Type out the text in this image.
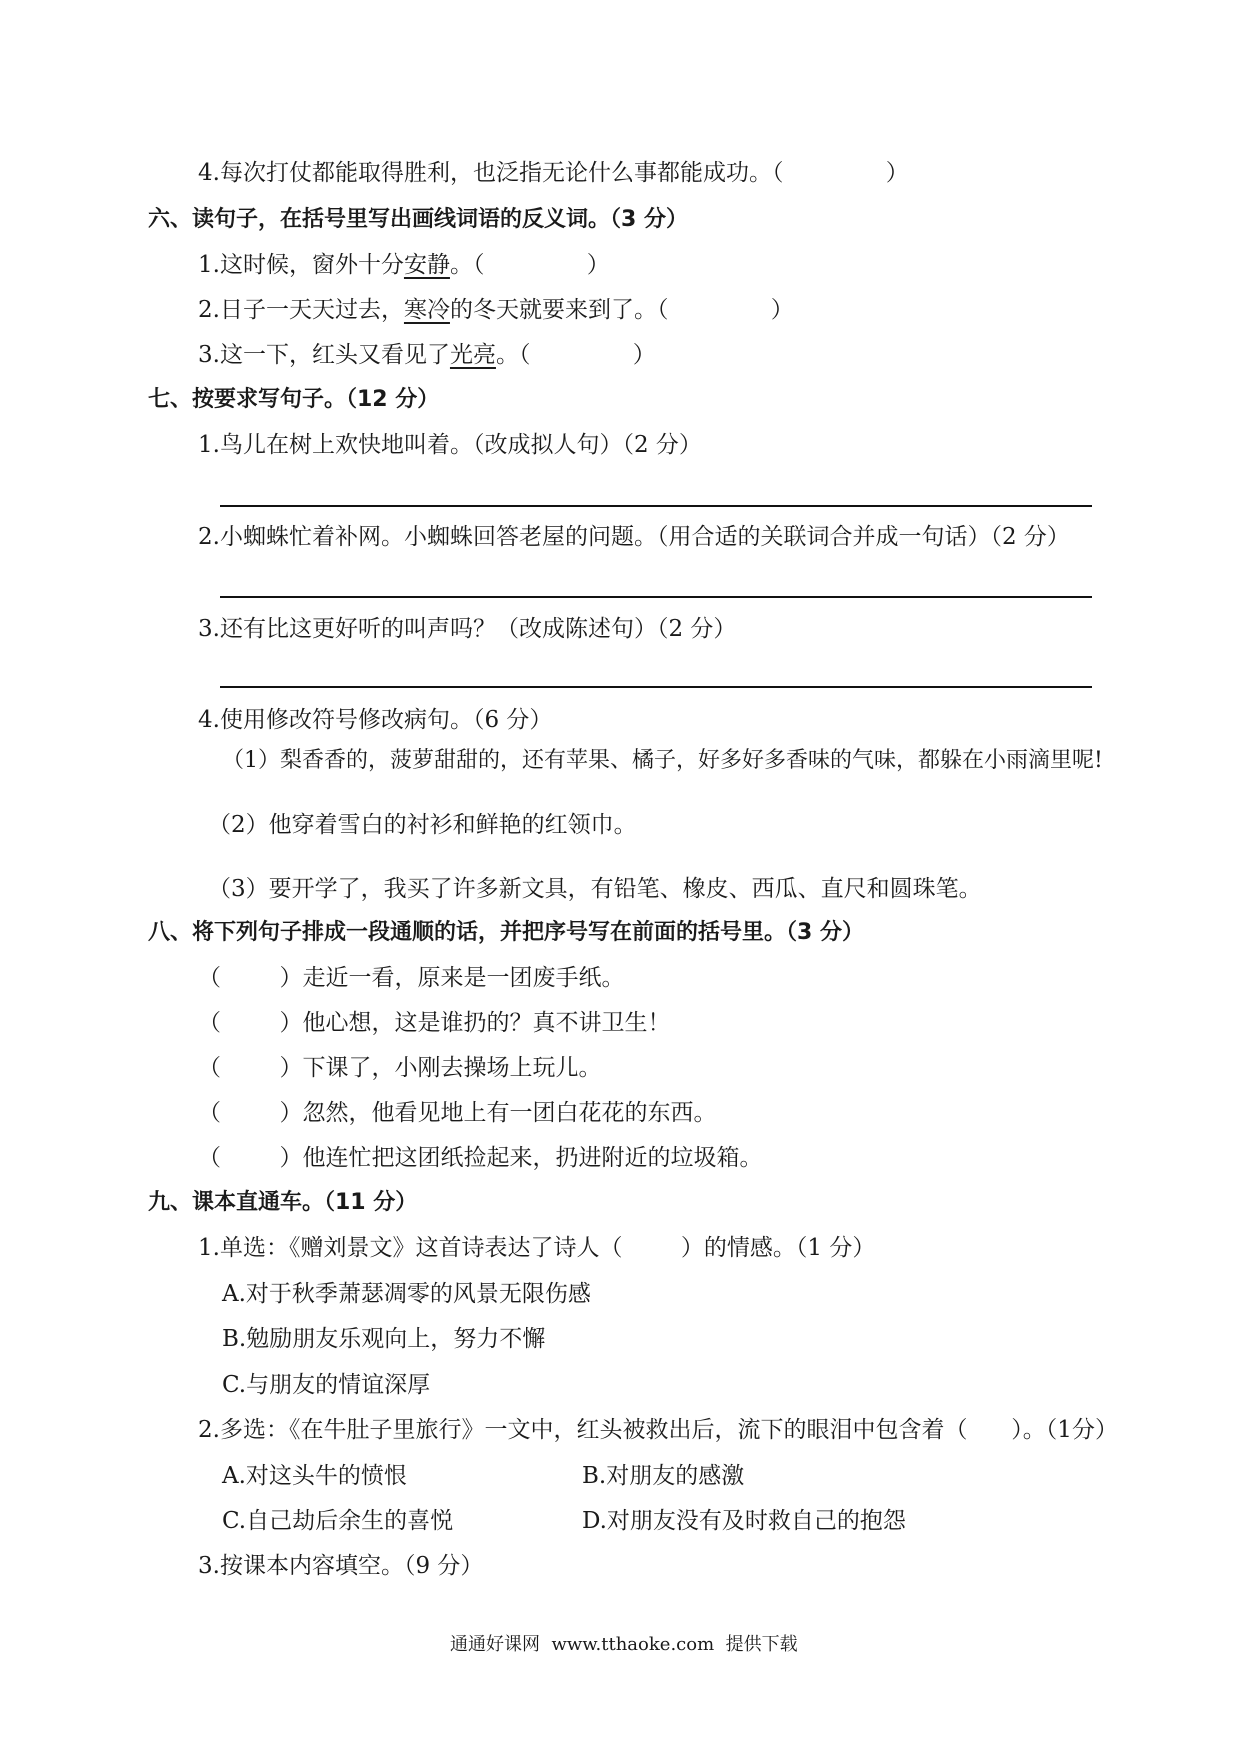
4.每次打仗都能取得胜利，也泛指无论什么事都能成功。（              ）
六、读句子，在括号里写出画线词语的反义词。（3 分）
1.这时候，窗外十分安静。（              ）
2.日子一天天过去，寒冷的冬天就要来到了。（              ）
3.这一下，红头又看见了光亮。（              ）
七、按要求写句子。（12 分）
1.鸟儿在树上欢快地叫着。（改成拟人句）（2 分）
2.小蜘蛛忙着补网。小蜘蛛回答老屋的问题。（用合适的关联词合并成一句话）（2 分）
3.还有比这更好听的叫声吗？（改成陈述句）（2 分）
4.使用修改符号修改病句。（6 分）
（1）梨香香的，菠萝甜甜的，还有苹果、橘子，好多好多香味的气味，都躲在小雨滴里呢!
（2）他穿着雪白的衬衫和鲜艳的红领巾。
（3）要开学了，我买了许多新文具，有铅笔、橡皮、西瓜、直尺和圆珠笔。
八、将下列句子排成一段通顺的话，并把序号写在前面的括号里。（3 分）
（        ）走近一看，原来是一团废手纸。
（        ）他心想，这是谁扔的？真不讲卫生！
（        ）下课了，小刚去操场上玩儿。
（        ）忽然，他看见地上有一团白花花的东西。
（        ）他连忙把这团纸捡起来，扔进附近的垃圾箱。
九、课本直通车。（11 分）
1.单选：《赠刘景文》这首诗表达了诗人（        ）的情感。（1 分）
A.对于秋季萧瑟凋零的风景无限伤感
B.勉励朋友乐观向上，努力不懈
C.与朋友的情谊深厚
2.多选：《在牛肚子里旅行》一文中，红头被救出后，流下的眼泪中包含着（      ）。（1分）
A.对这头牛的愤恨	B.对朋友的感激
C.自己劫后余生的喜悦	D.对朋友没有及时救自己的抱怨
3.按课本内容填空。（9 分）
通通好课网  www.tthaoke.com  提供下载
